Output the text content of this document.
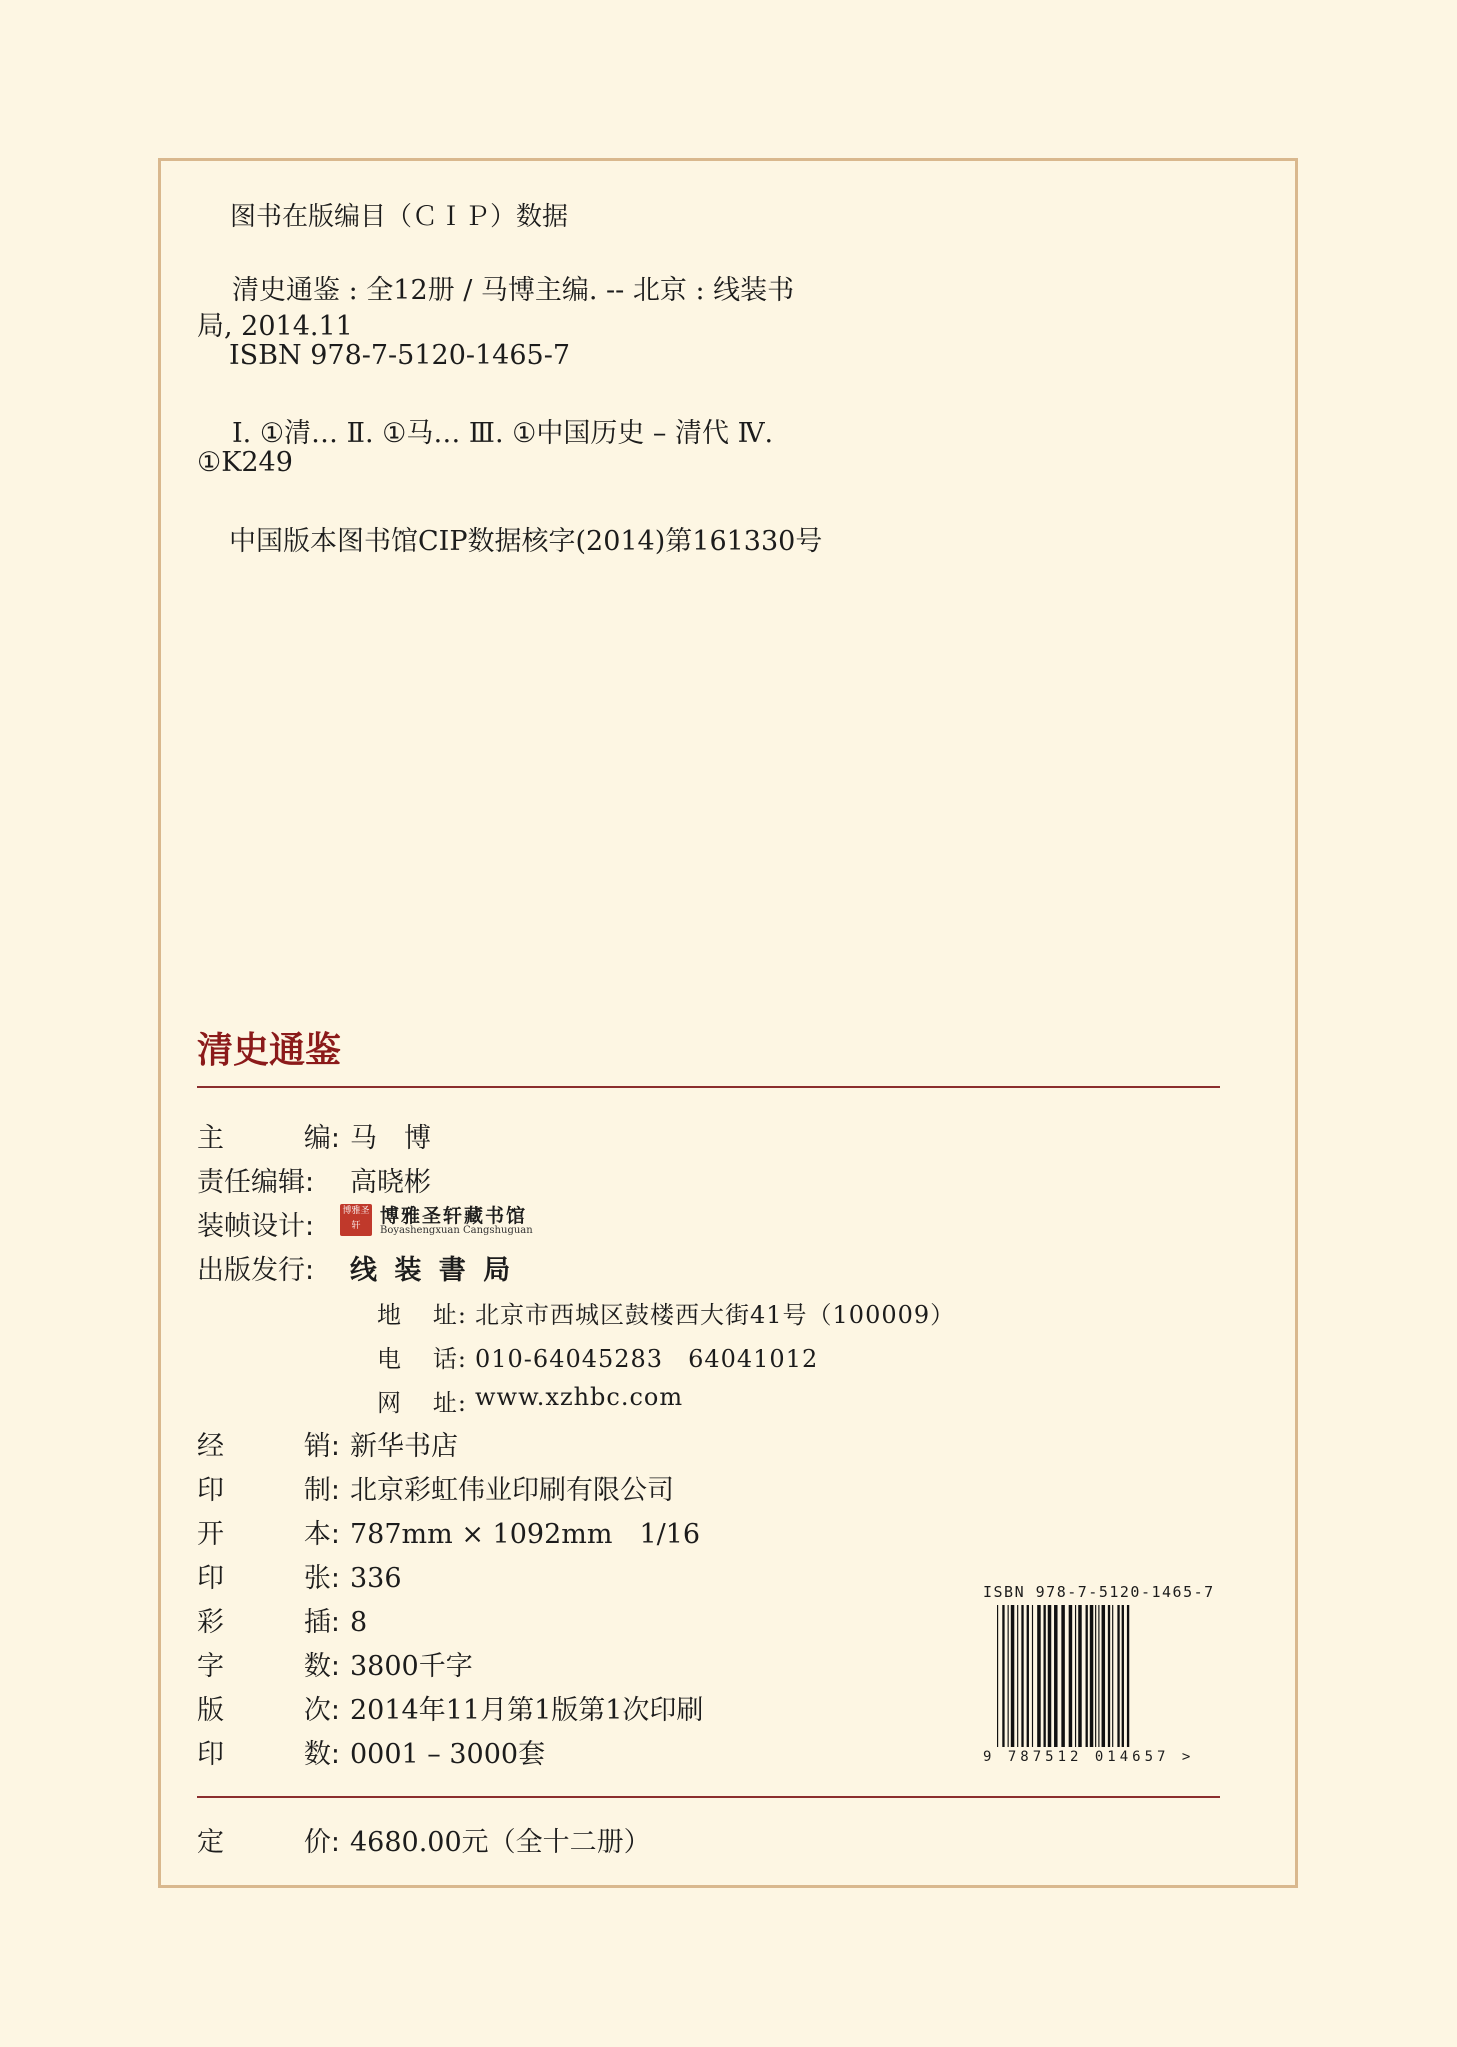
图书在版编目（ＣＩＰ）数据
清史通鉴 : 全12册 / 马博主编. -- 北京 : 线装书
局, 2014.11
ISBN 978-7-5120-1465-7
Ⅰ. ①清… Ⅱ. ①马… Ⅲ. ①中国历史 – 清代 Ⅳ.
①K249
中国版本图书馆CIP数据核字(2014)第161330号
清史通鉴
主	编: 马　博
责任编辑:	高晓彬
装帧设计:	博雅圣轩	博雅圣轩藏书馆
Boyashengxuan Cangshuguan
出版发行:	线 装 書 局
地 址: 北京市西城区鼓楼西大街41号（100009）
电 话: 010-64045283　64041012
网 址: www.xzhbc.com
经	销: 新华书店
印	制: 北京彩虹伟业印刷有限公司
开	本: 787mm × 1092mm　1/16
印	张: 336
彩	插: 8
字	数: 3800千字
版	次: 2014年11月第1版第1次印刷
印	数: 0001 – 3000套
定	价: 4680.00元（全十二册）
ISBN 978-7-5120-1465-7
9 787512 014657 >
